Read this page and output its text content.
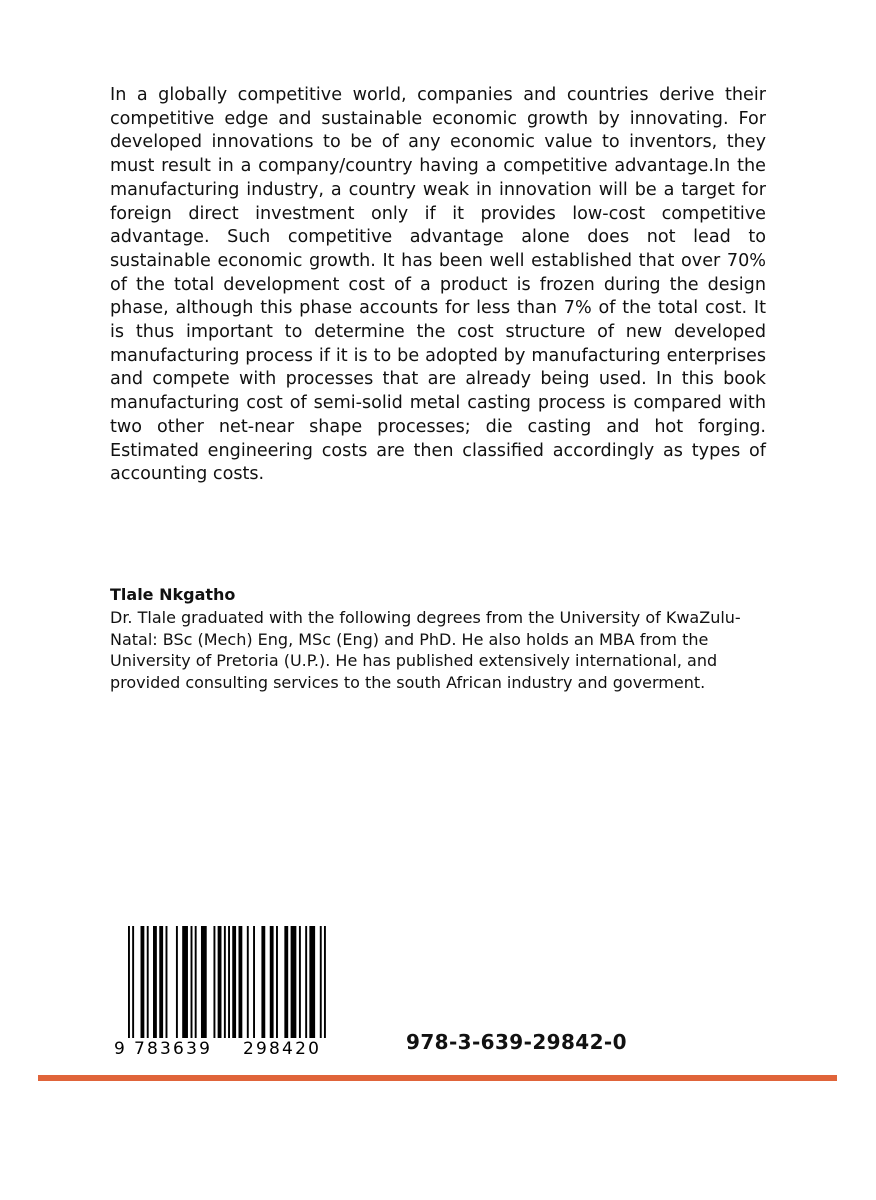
In a globally competitive world, companies and countries derive their competitive edge and sustainable economic growth by innovating. For developed innovations to be of any economic value to inventors, they must result in a company/country having a competitive advantage.In the manufacturing industry, a country weak in innovation will be a target for foreign direct investment only if it provides low-cost competitive advantage. Such competitive advantage alone does not lead to sustainable economic growth. It has been well established that over 70% of the total development cost of a product is frozen during the design phase, although this phase accounts for less than 7% of the total cost. It is thus important to determine the cost structure of new developed manufacturing process if it is to be adopted by manufacturing enterprises and compete with processes that are already being used. In this book manufacturing cost of semi-solid metal casting process is compared with two other net-near shape processes; die casting and hot forging. Estimated engineering costs are then classified accordingly as types of accounting costs.

Tlale Nkgatho

Dr. Tlale graduated with the following degrees from the University of KwaZulu-Natal: BSc (Mech) Eng, MSc (Eng) and PhD. He also holds an MBA from the University of Pretoria (U.P.). He has published extensively international, and provided consulting services to the south African industry and goverment.

9 783639 298420	978-3-639-29842-0
